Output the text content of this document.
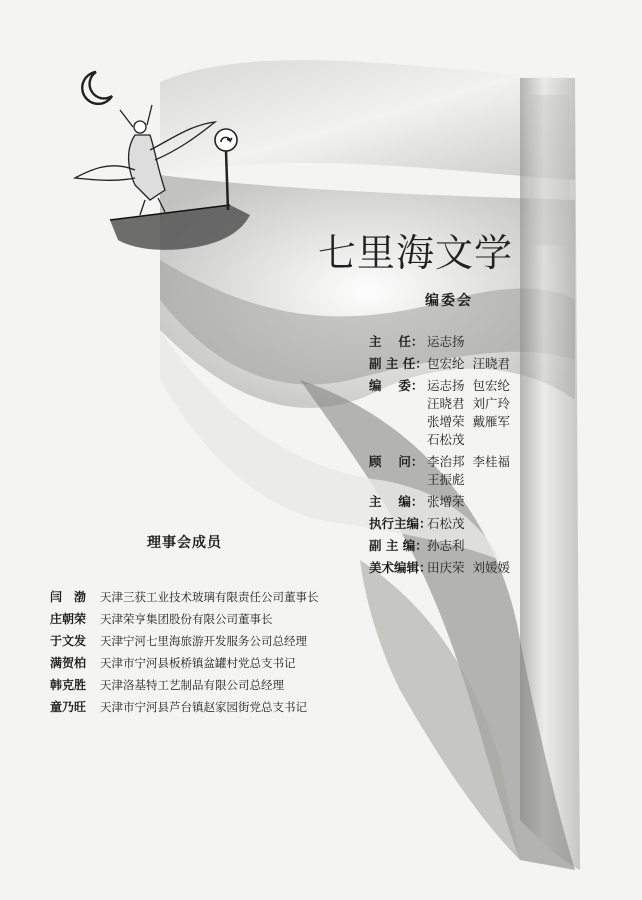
七里海文学
编委会
主　 任： 运志扬
副 主 任： 包宏纶 汪晓君
编　 委： 运志扬 包宏纶
汪晓君 刘广玲
张增荣 戴雁军
石松茂
顾　 问： 李治邦 李桂福
王振彪
主　 编： 张增荣
执行主编：
石松茂
副 主 编： 孙志利
美术编辑：
田庆荣 刘媛媛
理事会成员
闫　渤	天津三获工业技术玻璃有限责任公司董事长
庄朝荣	天津荣亨集团股份有限公司董事长
于文发	天津宁河七里海旅游开发服务公司总经理
满贺柏	天津市宁河县板桥镇盆罐村党总支书记
韩克胜	天津洛基特工艺制品有限公司总经理
童乃旺	天津市宁河县芦台镇赵家园街党总支书记
